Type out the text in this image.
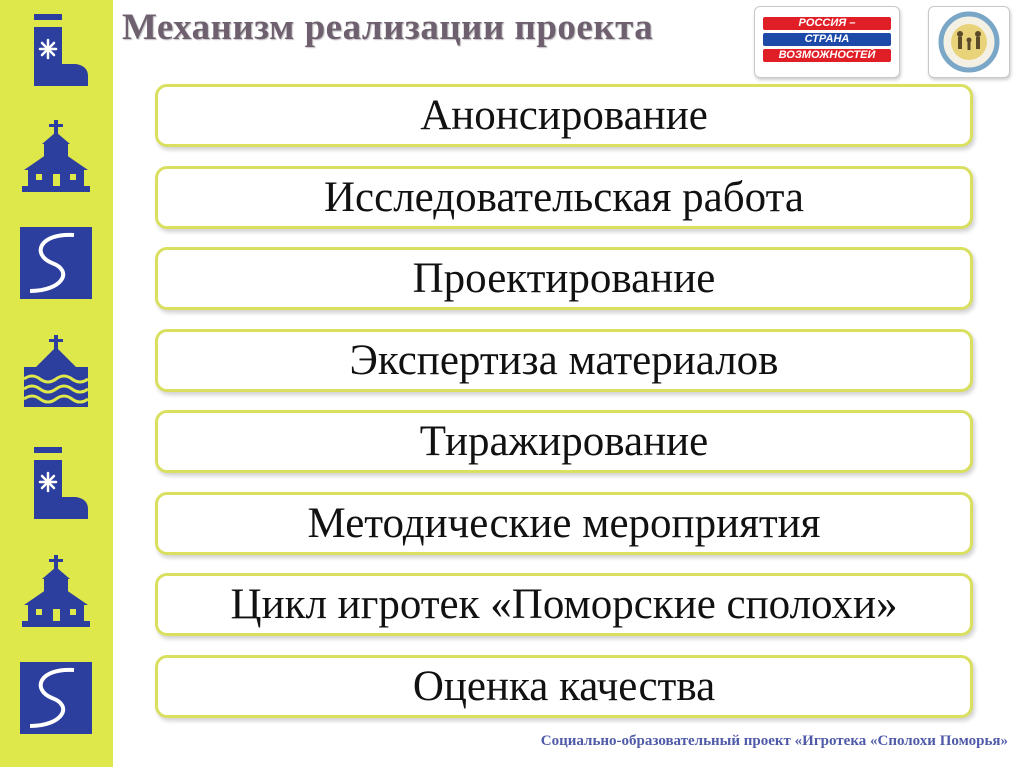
Механизм реализации проекта	РОССИЯ –
СТРАНА
ВОЗМОЖНОСТЕЙ
Анонсирование
Исследовательская работа
Проектирование
Экспертиза материалов
Тиражирование
Методические мероприятия
Цикл игротек «Поморские сполохи»
Оценка качества

Социально-образовательный проект «Игротека «Сполохи Поморья»
